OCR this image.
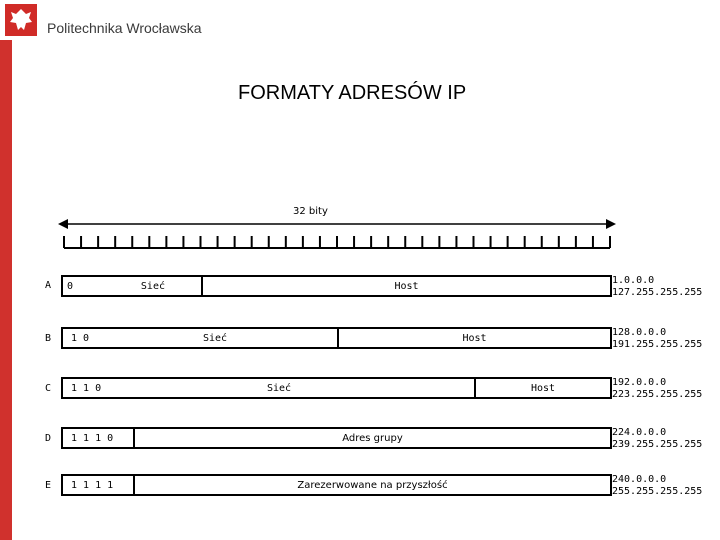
Politechnika Wrocławska
FORMATY ADRESÓW IP
32 bity
A 0	Sieć	Host	1.0.0.0
127.255.255.255
B 1 0	Sieć	Host	128.0.0.0
191.255.255.255
C 1 1 0	Sieć	Host	192.0.0.0
223.255.255.255
D 1 1 1 0	Adres grupy	224.0.0.0
239.255.255.255
E 1 1 1 1	Zarezerwowane na przyszłość	240.0.0.0
255.255.255.255
